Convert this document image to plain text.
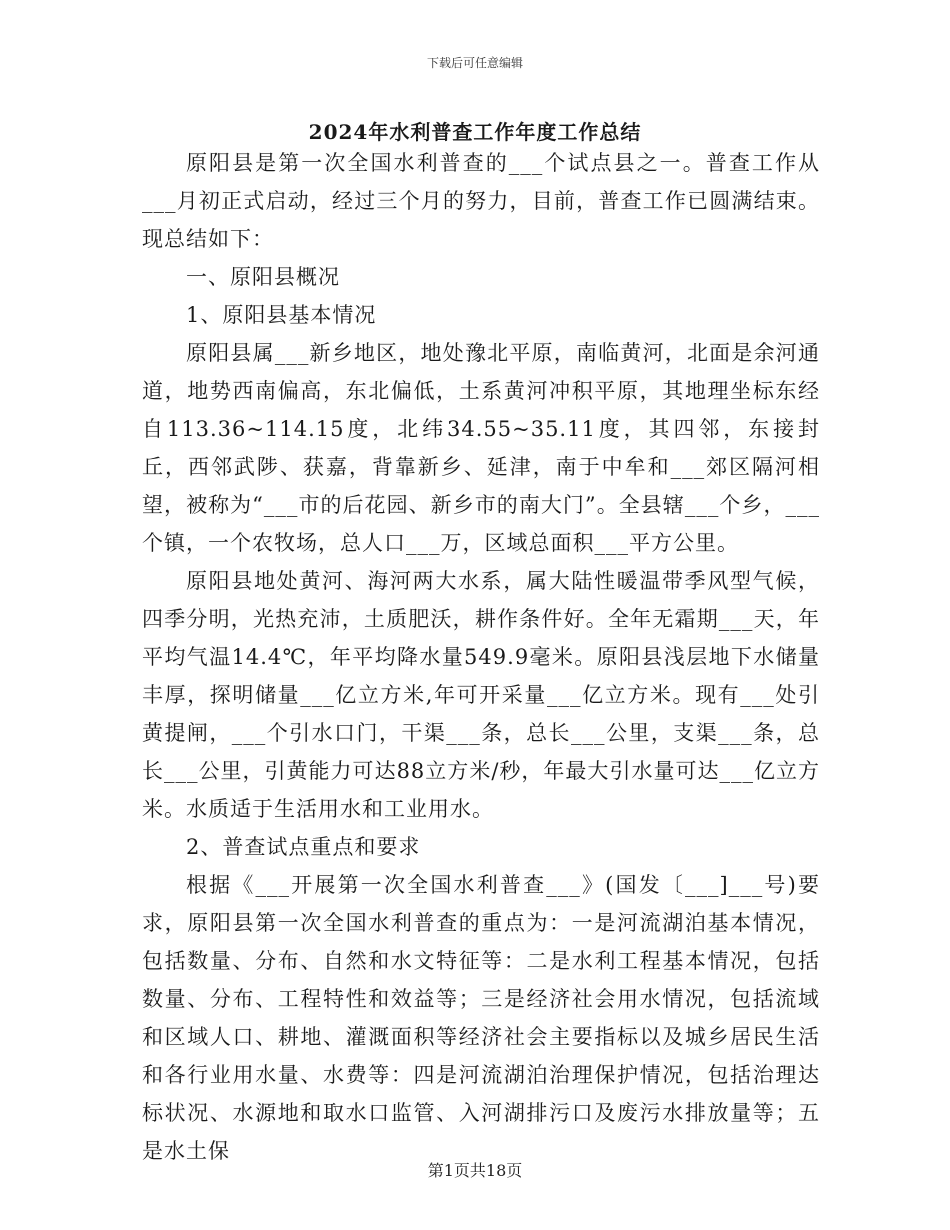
下载后可任意编辑
2024年水利普查工作年度工作总结

原阳县是第一次全国水利普查的___个试点县之一。普查工作从___月初正式启动，经过三个月的努力，目前，普查工作已圆满结束。现总结如下：

一、原阳县概况

1、原阳县基本情况

原阳县属___新乡地区，地处豫北平原，南临黄河，北面是余河通道，地势西南偏高，东北偏低，土系黄河冲积平原，其地理坐标东经自113.36~114.15度，北纬34.55~35.11度，其四邻，东接封丘，西邻武陟、获嘉，背靠新乡、延津，南于中牟和___郊区隔河相望，被称为“___市的后花园、新乡市的南大门”。全县辖___个乡，___个镇，一个农牧场，总人口___万，区域总面积___平方公里。

原阳县地处黄河、海河两大水系，属大陆性暖温带季风型气候，四季分明，光热充沛，土质肥沃，耕作条件好。全年无霜期___天，年平均气温14.4℃，年平均降水量549.9毫米。原阳县浅层地下水储量丰厚，探明储量___亿立方米,年可开采量___亿立方米。现有___处引黄提闸，___个引水口门，干渠___条，总长___公里，支渠___条，总长___公里，引黄能力可达88立方米/秒，年最大引水量可达___亿立方米。水质适于生活用水和工业用水。

2、普查试点重点和要求

根据《___开展第一次全国水利普查___》(国发〔___]___号)要求，原阳县第一次全国水利普查的重点为：一是河流湖泊基本情况，包括数量、分布、自然和水文特征等：二是水利工程基本情况，包括数量、分布、工程特性和效益等；三是经济社会用水情况，包括流域和区域人口、耕地、灌溉面积等经济社会主要指标以及城乡居民生活和各行业用水量、水费等：四是河流湖泊治理保护情况，包括治理达标状况、水源地和取水口监管、入河湖排污口及废污水排放量等；五是水土保

第1页共18页
